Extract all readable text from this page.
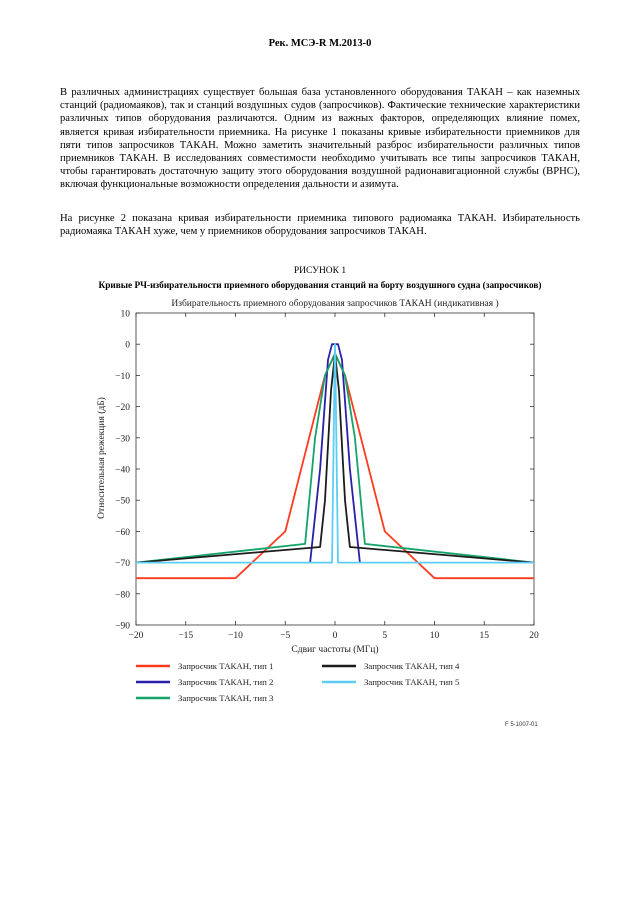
Рек. МСЭ-R M.2013-0

В различных администрациях существует большая база установленного оборудования ТАКАН – как наземных станций (радиомаяков), так и станций воздушных судов (запросчиков). Фактические технические характеристики различных типов оборудования различаются. Одним из важных факторов, определяющих влияние помех, является кривая избирательности приемника. На рисунке 1 показаны кривые избирательности приемников для пяти типов запросчиков ТАКАН. Можно заметить значительный разброс избирательности различных типов приемников ТАКАН. В исследованиях совместимости необходимо учитывать все типы запросчиков ТАКАН, чтобы гарантировать достаточную защиту этого оборудования воздушной радионавигационной службы (ВРНС), включая функциональные возможности определения дальности и азимута.

На рисунке 2 показана кривая избирательности приемника типового радиомаяка ТАКАН. Избирательность радиомаяка ТАКАН хуже, чем у приемников оборудования запросчиков ТАКАН.

РИСУНОК 1
Кривые РЧ-избирательности приемного оборудования станций на борту воздушного судна (запросчиков)
Избирательность приемного оборудования запросчиков ТАКАН (индикативная )
−20	−15	−10	−5	0	5	10	15	20
10
0
−10
−20
−30
−40
−50
−60
−70
−80
−90
Сдвиг частоты (МГц)
Относительная режекция (дБ)
Запросчик ТАКАН, тип 1
Запросчик ТАКАН, тип 2
Запросчик ТАКАН, тип 3
Запросчик ТАКАН, тип 4
Запросчик ТАКАН, тип 5
F 5-1007-01
